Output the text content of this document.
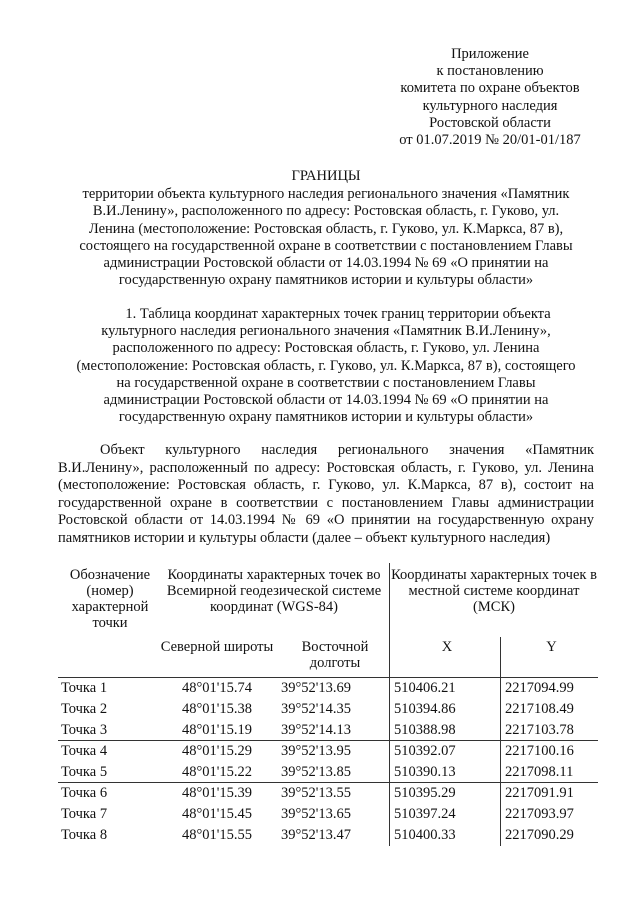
Приложение
к постановлению
комитета по охране объектов
культурного наследия
Ростовской области
от 01.07.2019 № 20/01-01/187
ГРАНИЦЫ
территории объекта культурного наследия регионального значения «Памятник
В.И.Ленину», расположенного по адресу: Ростовская область, г. Гуково, ул.
Ленина (местоположение: Ростовская область, г. Гуково, ул. К.Маркса, 87 в),
состоящего на государственной охране в соответствии с постановлением Главы
администрации Ростовской области от 14.03.1994 № 69 «О принятии на
государственную охрану памятников истории и культуры области»
1. Таблица координат характерных точек границ территории объекта
культурного наследия регионального значения «Памятник В.И.Ленину»,
расположенного по адресу: Ростовская область, г. Гуково, ул. Ленина
(местоположение: Ростовская область, г. Гуково, ул. К.Маркса, 87 в), состоящего
на государственной охране в соответствии с постановлением Главы
администрации Ростовской области от 14.03.1994 № 69 «О принятии на
государственную охрану памятников истории и культуры области»

Объект культурного наследия регионального значения «Памятник В.И.Ленину», расположенный по адресу: Ростовская область, г. Гуково, ул. Ленина (местоположение: Ростовская область, г. Гуково, ул. К.Маркса, 87 в), состоит на государственной охране в соответствии с постановлением Главы администрации Ростовской области от 14.03.1994 № 69 «О принятии на государственную охрану памятников истории и культуры области (далее – объект культурного наследия)

Обозначение (номер) характерной точки	Координаты характерных точек во Всемирной геодезической системе координат (WGS-84)		Координаты характерных точек в местной системе координат (МСК)	
	Северной широты	Восточной долготы	X	Y
Точка 1	48°01'15.74	39°52'13.69	510406.21	2217094.99
Точка 2	48°01'15.38	39°52'14.35	510394.86	2217108.49
Точка 3	48°01'15.19	39°52'14.13	510388.98	2217103.78
Точка 4	48°01'15.29	39°52'13.95	510392.07	2217100.16
Точка 5	48°01'15.22	39°52'13.85	510390.13	2217098.11
Точка 6	48°01'15.39	39°52'13.55	510395.29	2217091.91
Точка 7	48°01'15.45	39°52'13.65	510397.24	2217093.97
Точка 8	48°01'15.55	39°52'13.47	510400.33	2217090.29
